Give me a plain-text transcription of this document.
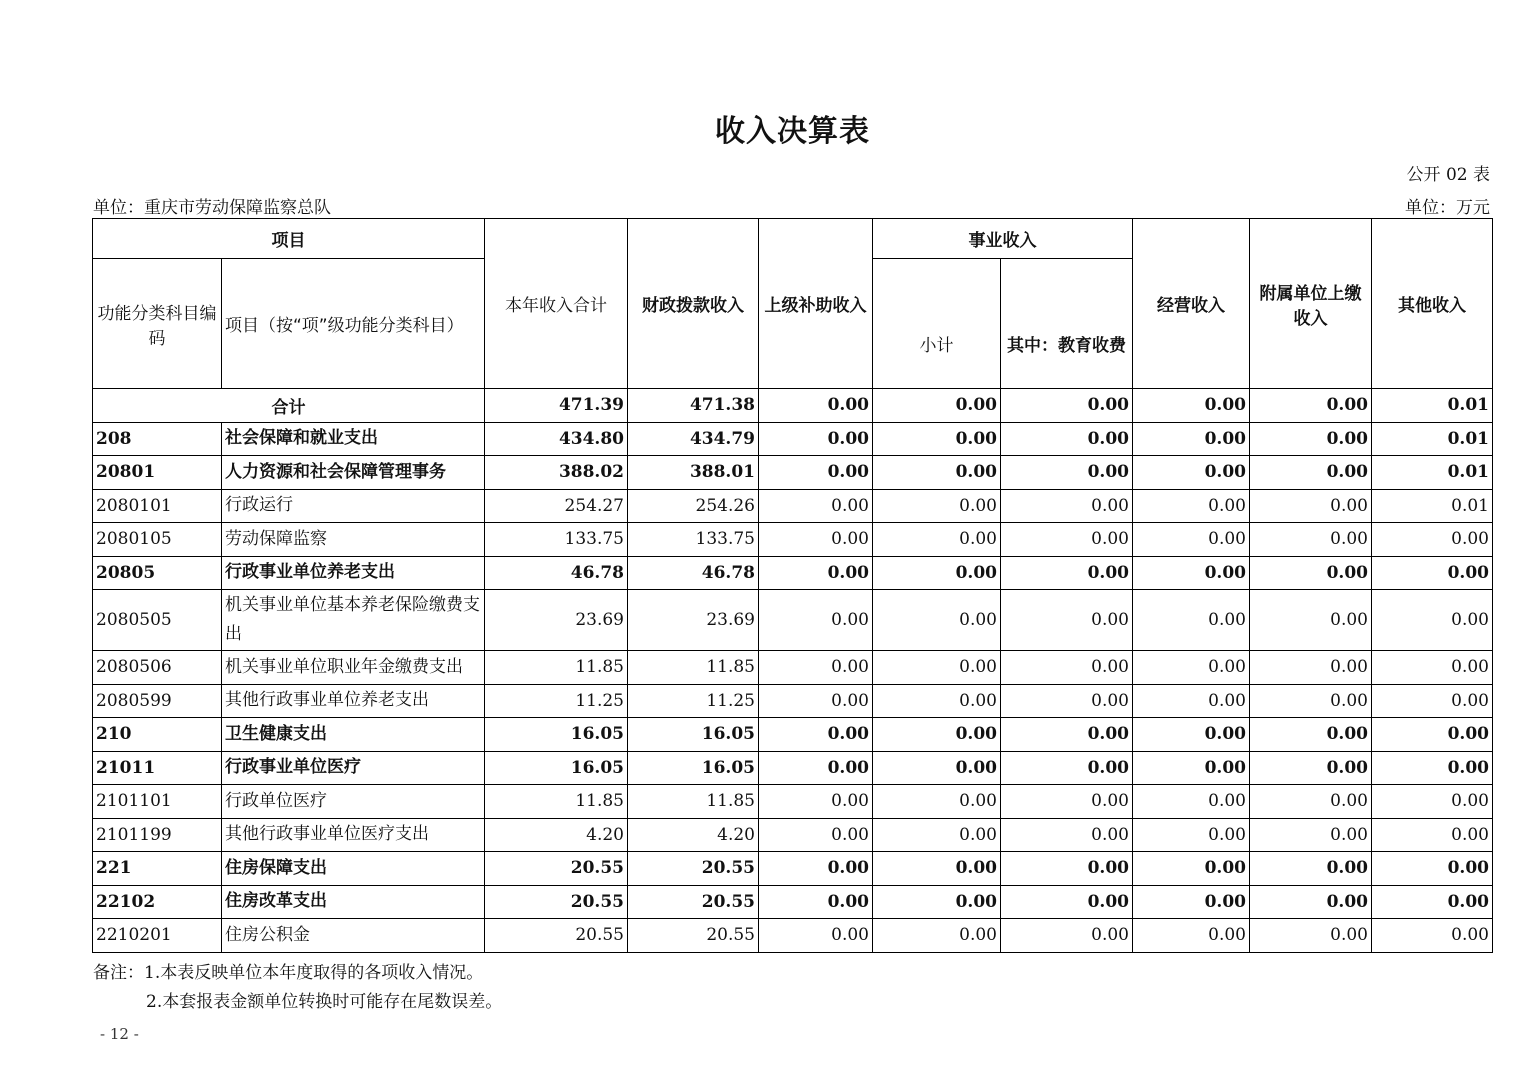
收入决算表
公开 02 表
单位：重庆市劳动保障监察总队	单位：万元
项目		本年收入合计	财政拨款收入	上级补助收入	事业收入		经营收入	附属单位上缴收入	其他收入
功能分类科目编码	项目（按“项”级功能分类科目）				小计	其中：教育收费			
合计		471.39	471.38	0.00	0.00	0.00	0.00	0.00	0.01
208	社会保障和就业支出	434.80	434.79	0.00	0.00	0.00	0.00	0.00	0.01
20801	人力资源和社会保障管理事务	388.02	388.01	0.00	0.00	0.00	0.00	0.00	0.01
2080101	行政运行	254.27	254.26	0.00	0.00	0.00	0.00	0.00	0.01
2080105	劳动保障监察	133.75	133.75	0.00	0.00	0.00	0.00	0.00	0.00
20805	行政事业单位养老支出	46.78	46.78	0.00	0.00	0.00	0.00	0.00	0.00
2080505	机关事业单位基本养老保险缴费支出	23.69	23.69	0.00	0.00	0.00	0.00	0.00	0.00
2080506	机关事业单位职业年金缴费支出	11.85	11.85	0.00	0.00	0.00	0.00	0.00	0.00
2080599	其他行政事业单位养老支出	11.25	11.25	0.00	0.00	0.00	0.00	0.00	0.00
210	卫生健康支出	16.05	16.05	0.00	0.00	0.00	0.00	0.00	0.00
21011	行政事业单位医疗	16.05	16.05	0.00	0.00	0.00	0.00	0.00	0.00
2101101	行政单位医疗	11.85	11.85	0.00	0.00	0.00	0.00	0.00	0.00
2101199	其他行政事业单位医疗支出	4.20	4.20	0.00	0.00	0.00	0.00	0.00	0.00
221	住房保障支出	20.55	20.55	0.00	0.00	0.00	0.00	0.00	0.00
22102	住房改革支出	20.55	20.55	0.00	0.00	0.00	0.00	0.00	0.00
2210201	住房公积金	20.55	20.55	0.00	0.00	0.00	0.00	0.00	0.00
备注：1.本表反映单位本年度取得的各项收入情况。
2.本套报表金额单位转换时可能存在尾数误差。
- 12 -
